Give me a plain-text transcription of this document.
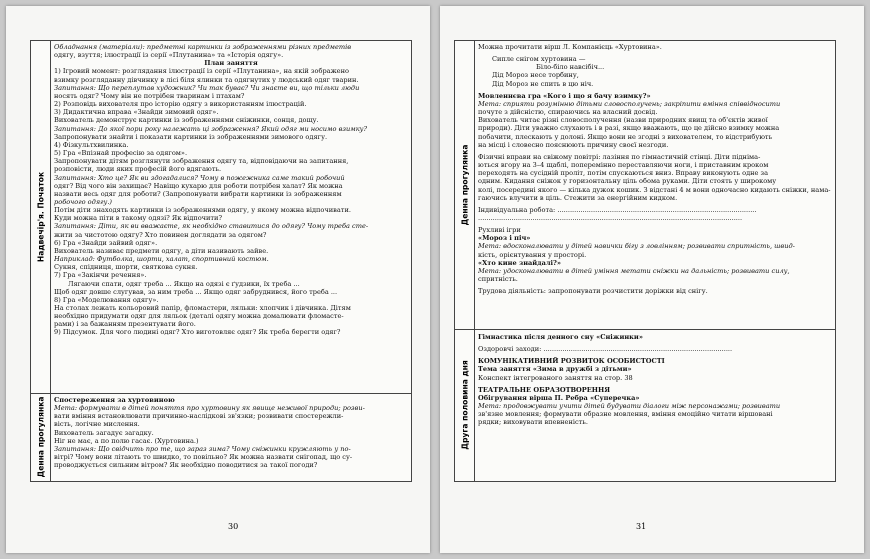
Надвечір'я. Початок
Денна прогулянка
Обладнання (матеріали): предметні картинки із зображеннями різних предметів
одягу, взуття; ілюстрації із серії «Плутанина» та «Історія одягу».
План заняття
1) Ігровий момент: розглядання ілюстрації із серії «Плутанина», на якій зображено
взимку розгляданну дівчинку в лісі біля ялинки та одягнутих у людський одяг тварин.
Запитання: Що переплутав художник? Чи так буває? Чи знаєте ви, що тільки люди
носять одяг? Чому він не потрібен тваринам і птахам?
2) Розповідь вихователя про історію одягу з використанням ілюстрацій.
3) Дидактична вправа «Знайди зимовий одяг».
Вихователь демонструє картинки із зображеннями сніжинки, сонця, дощу.
Запитання: До якої пори року належать ці зображення? Який одяг ми носимо взимку?
Запропонувати знайти і показати картинки із зображеннями зимового одягу.
4) Фізкультхвилинка.
5) Гра «Впізнай професію за одягом».
Запропонувати дітям розглянути зображення одягу та, відповідаючи на запитання,
розповісти, люди яких професій його вдягають.
Запитання: Хто це? Як ви здогадалися? Чому в пожежника саме такий робочий
одяг? Від чого він захищає? Навіщо кухарю для роботи потрібен халат? Як можна
назвати весь одяг для роботи? (Запропонувати вибрати картинки із зображенням
робочого одягу.)
Потім діти знаходять картинки із зображеннями одягу, у якому можна відпочивати.
Куди можна піти в такому одязі? Як відпочити?
Запитання: Діти, як ви вважаєте, як необхідно ставитися до одягу? Чому треба сте-
жити за чистотою одягу? Хто повинен доглядати за одягом?
6) Гра «Знайди зайвий одяг».
Вихователь називає предмети одягу, а діти називають зайве.
Наприклад: Футболка, шорти, халат, спортивний костюм.
Сукня, спідниця, шорти, святкова сукня.
7) Гра «Закінчи речення».
Лягаючи спати, одяг треба ... Якщо на одязі є ґудзики, їх треба ...
Щоб одяг довше слугував, за ним треба ... Якщо одяг забруднився, його треба ...
8) Гра «Моделювання одягу».
На столах лежать кольоровий папір, фломастери, ляльки: хлопчик і дівчинка. Дітям
необхідно придумати одяг для ляльок (деталі одягу можна домалювати фломасте-
рами) і за бажанням презентувати його.
9) Підсумок. Для чого людині одяг? Хто виготовляє одяг? Як треба берегти одяг?
Спостереження за хуртовиною
Мета: формувати в дітей поняття про хуртовину як явище неживої природи; розви-
вати вміння встановлювати причинно-наслідкові зв'язки; розвивати спостережли-
вість, логічне мислення.
Вихователь загадує загадку.
Ніг не має, а по полю гасає. (Хуртовина.)
Запитання: Що свідчить про те, що зараз зима? Чому сніжинки кружляють у по-
вітрі? Чому вони літають то швидко, то повільно? Як можна назвати снігопад, що су-
проводжується сильним вітром? Як необхідно поводитися за такої погоди?
30
Денна прогулянка
Друга половина дня
Можна прочитати вірш Л. Компанієць «Хуртовина».
Сипле снігом хуртовина —
Біло-біло навсібіч...
Дід Мороз несе торбину,
Дід Мороз не спить в цю ніч.
Мовленнєва гра «Кого і що я бачу взимку?»
Мета: сприяти розумінню дітьми словосполучень; закріпити вміння співвідносити
почуте з дійсністю, спираючись на власний досвід.
Вихователь читає різні словосполучення (назви природних явищ та об'єктів живої
природи). Діти уважно слухають і в разі, якщо вважають, що це дійсно взимку можна
побачити, плескають у долоні. Якщо вони не згодні з вихователем, то відстрибують
на місці і словесно пояснюють причину своєї незгоди.
Фізичні вправи на свіжому повітрі: лазіння по гімнастичній стінці. Діти підніма-
ються вгору на 3–4 щаблі, поперемінно переставляючи ноги, і приставним кроком
переходять на сусідній проліт, потім спускаються вниз. Вправу виконують одне за
одним. Кидання сніжок у горизонтальну ціль обома руками. Діти стоять у широкому
колі, посередині якого — кілька дужок кошик. З відстані 4 м вони одночасно кидають сніжки, нама-
гаючись влучити в ціль. Стежити за енергійним кидком.
Індивідуальна робота: ...............................................................................................
..............................................................................................................................
Рухливі ігри
«Мороз і піч»
Мета: вдосконалювати у дітей навички бігу з ловлінням; розвивати спритність, швид-
кість, орієнтування у просторі.
«Хто кине знайдалі?»
Мета: удосконалювати в дітей уміння метати сніжки на дальність; розвивати силу,
спритність.
Трудова діяльність: запропонувати розчистити доріжки від снігу.
Гімнастика після денного сну «Сніжинки»
Оздоровчі заходи: ..........................................................................................
КОМУНІКАТИВНИЙ РОЗВИТОК ОСОБИСТОСТІ
Тема заняття «Зима в дружбі з дітьми»
Конспект інтегрованого заняття на стор. 38
ТЕАТРАЛЬНЕ ОБРАЗОТВОРЕННЯ
Обігрування вірша П. Ребра «Суперечка»
Мета: продовжувати учити дітей будувати діалоги між персонажами; розвивати
зв'язне мовлення; формувати образне мовлення, вміння емоційно читати віршовані
рядки; виховувати впевненість.
31
